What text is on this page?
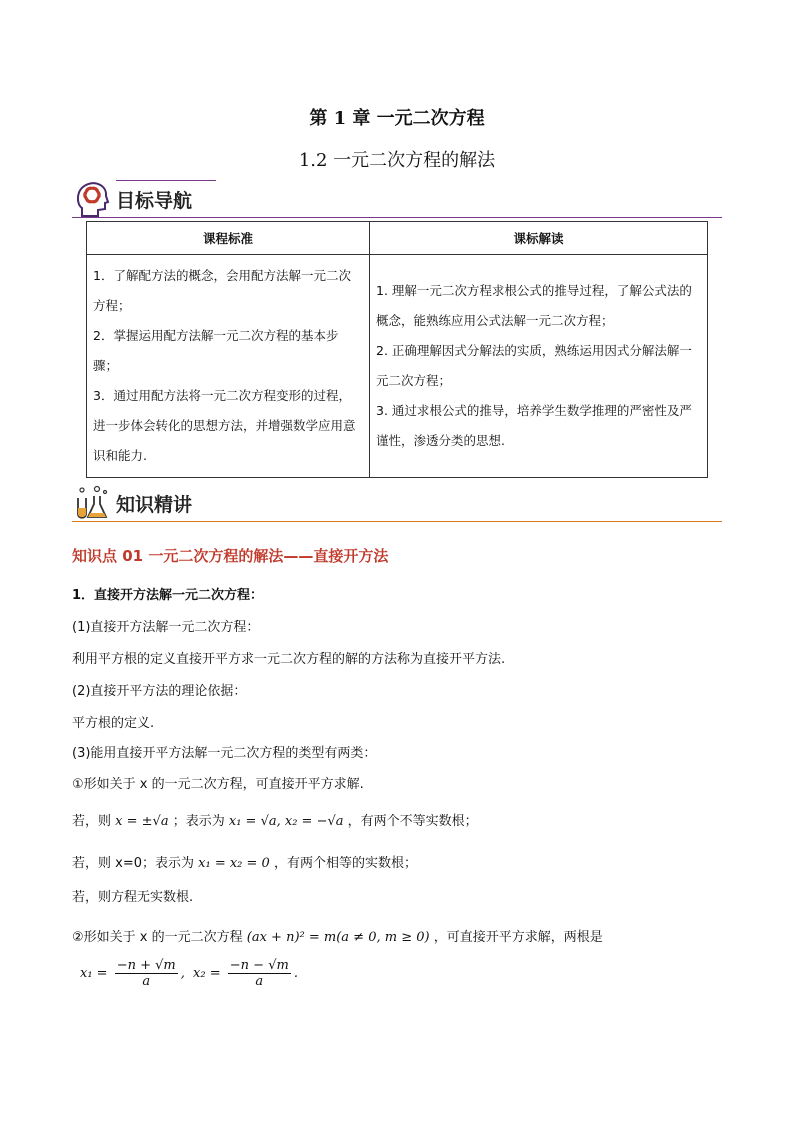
第 1 章 一元二次方程
1.2 一元二次方程的解法
目标导航
课程标准	课标解读

1．了解配方法的概念，会用配方法解一元二次方程；
2．掌握运用配方法解一元二次方程的基本步骤；
3．通过用配方法将一元二次方程变形的过程，进一步体会转化的思想方法，并增强数学应用意识和能力.	1. 理解一元二次方程求根公式的推导过程，了解公式法的概念，能熟练应用公式法解一元二次方程；
2. 正确理解因式分解法的实质，熟练运用因式分解法解一元二次方程；
3. 通过求根公式的推导，培养学生数学推理的严密性及严谨性，渗透分类的思想.
知识精讲
知识点 01 一元二次方程的解法——直接开方法
1．直接开方法解一元二次方程：
(1)直接开方法解一元二次方程：
利用平方根的定义直接开平方求一元二次方程的解的方法称为直接开平方法.
(2)直接开平方法的理论依据：
平方根的定义.
(3)能用直接开平方法解一元二次方程的类型有两类：
①形如关于 x 的一元二次方程，可直接开平方求解.
若，则 x = ±√a ；表示为 x₁ = √a, x₂ = −√a ，有两个不等实数根；
若，则 x=0；表示为 x₁ = x₂ = 0 ，有两个相等的实数根；
若，则方程无实数根.
②形如关于 x 的一元二次方程 (ax + n)² = m(a ≠ 0, m ≥ 0) ，可直接开平方求解，两根是
$x_1 = \frac{-n + √m}{a}$ , $x_2 = \frac{-n - √m}{a}$ .
